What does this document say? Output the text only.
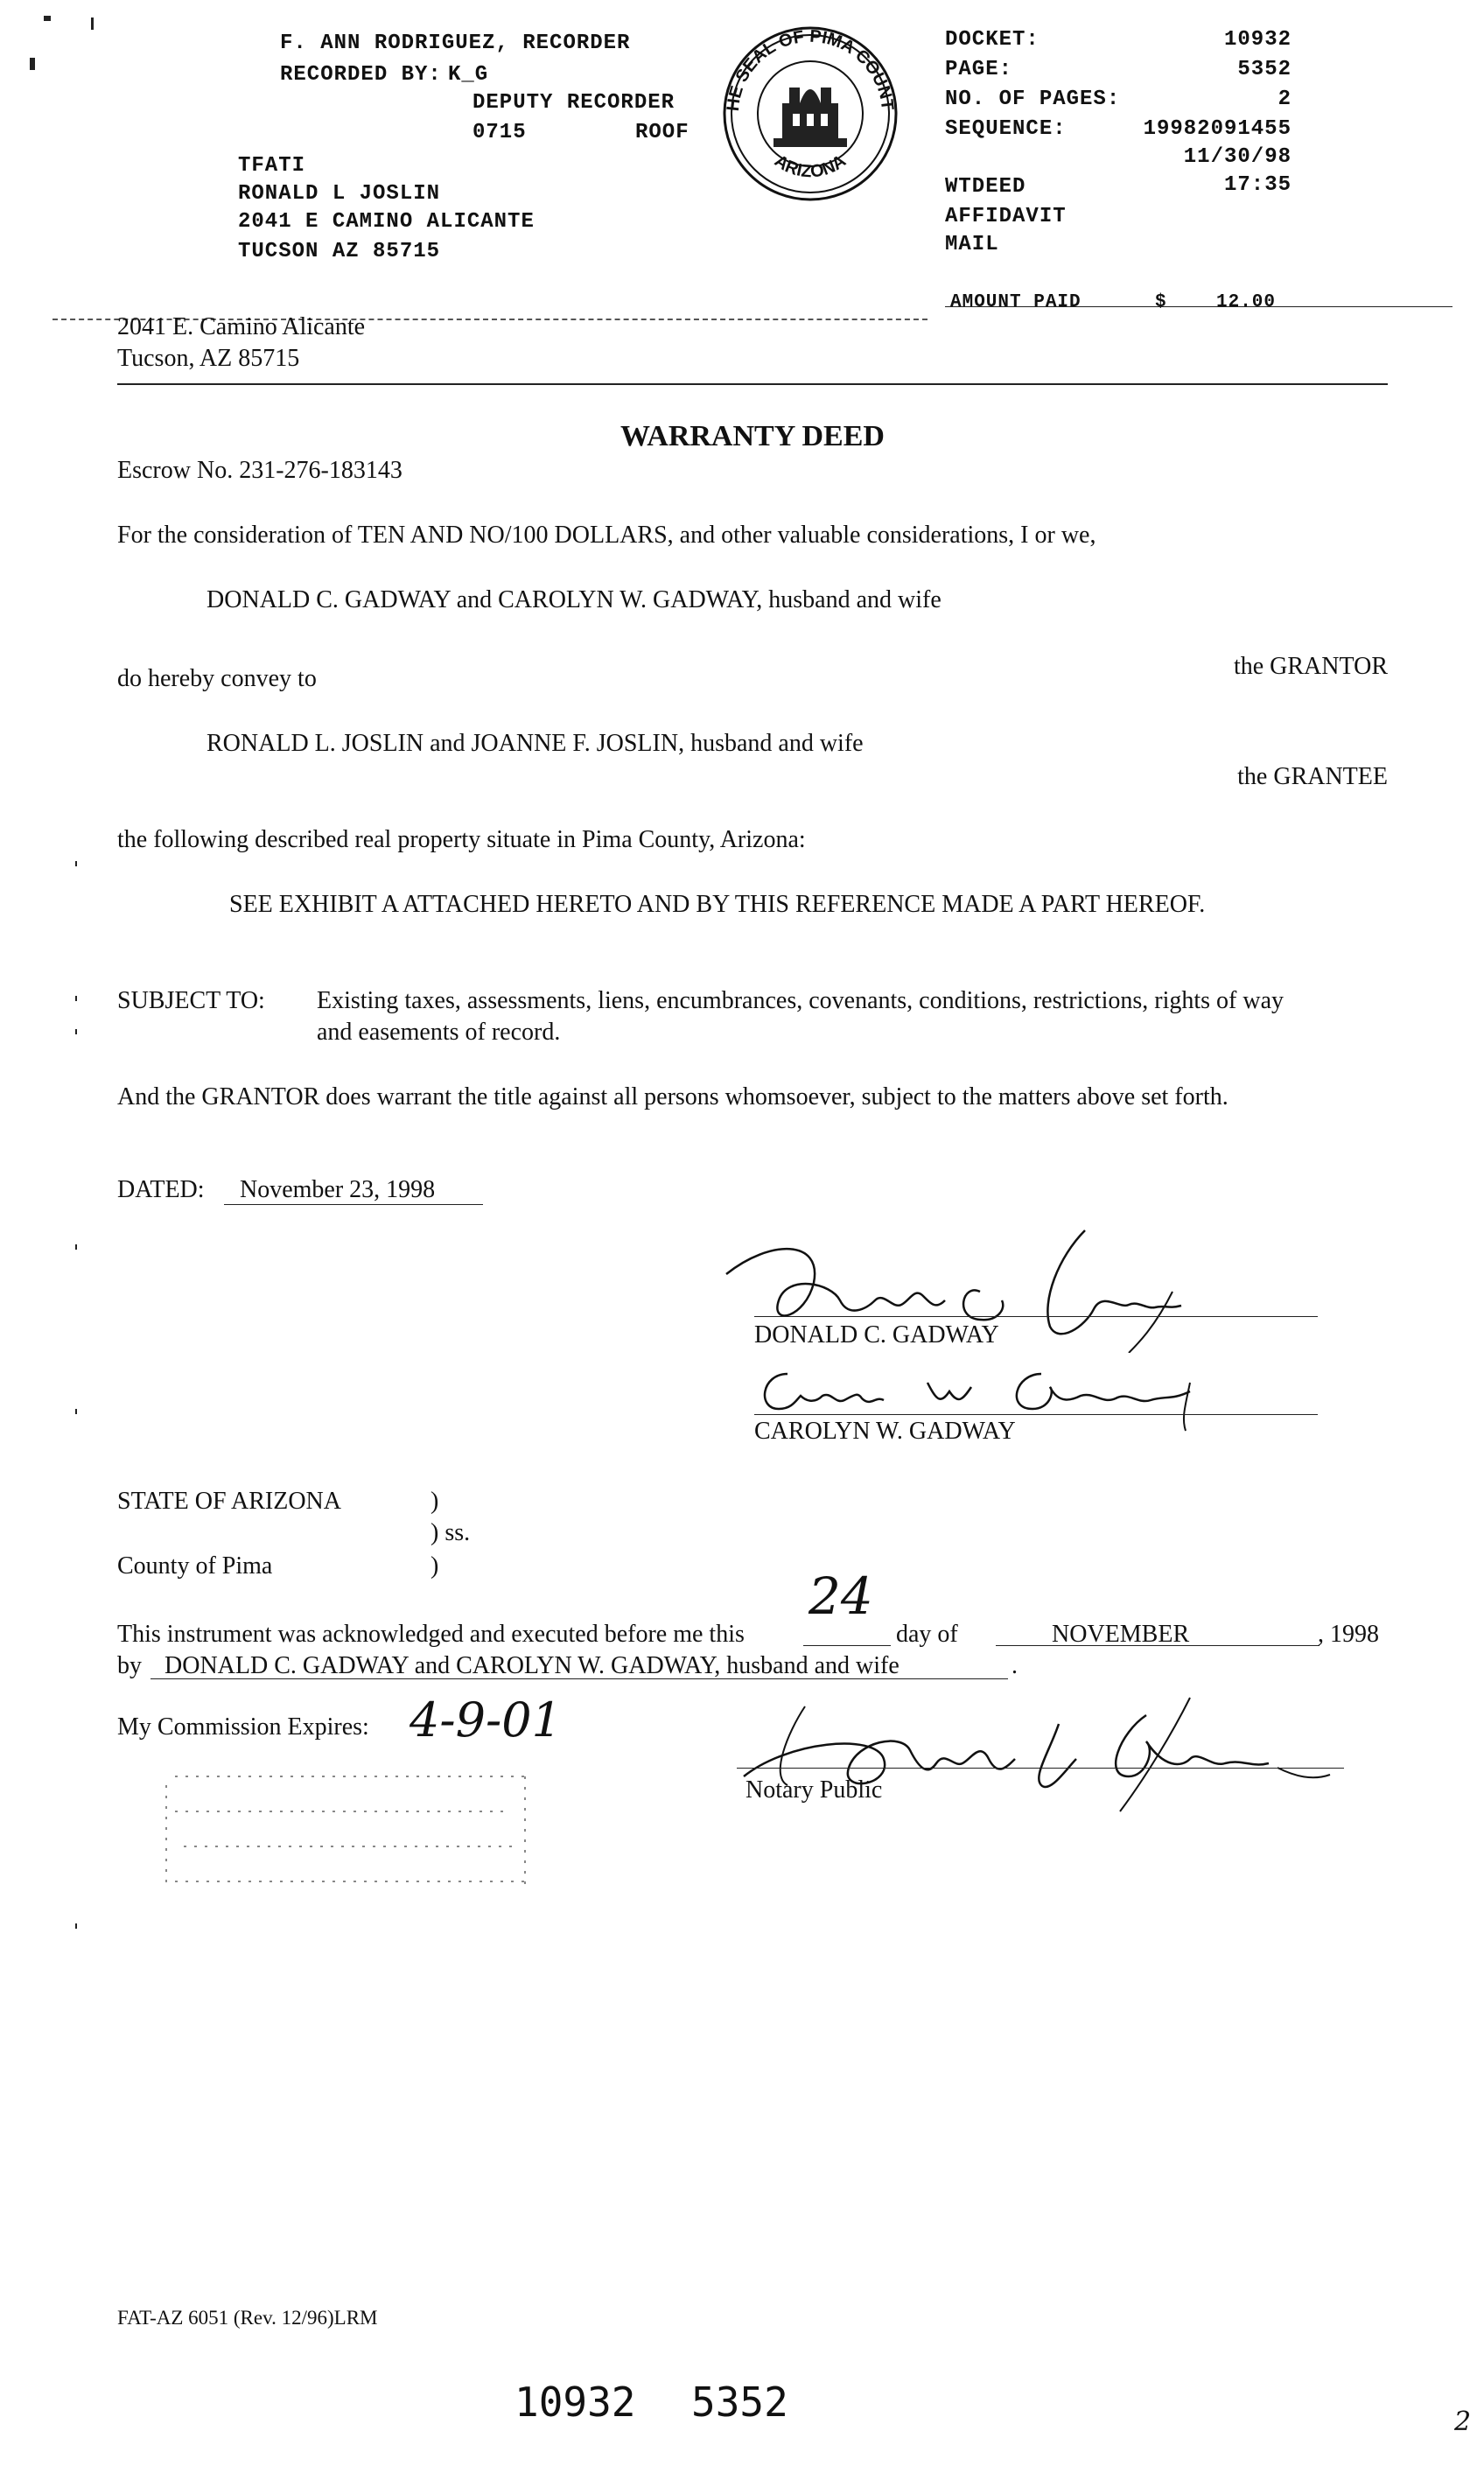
F. ANN RODRIGUEZ, RECORDER
RECORDED BY: K_G
DEPUTY RECORDER
0715	ROOF
TFATI
RONALD L JOSLIN
2041 E CAMINO ALICANTE
TUCSON AZ 85715
HE SEAL OF PIMA COUNT
ARIZONA
DOCKET:	10932
PAGE:	5352
NO. OF PAGES:	2
SEQUENCE:	19982091455
11/30/98
WTDEED	17:35
AFFIDAVIT
MAIL
AMOUNT PAID	$	12.00
2041 E. Camino Alicante
Tucson, AZ 85715
WARRANTY DEED
Escrow No. 231-276-183143
For the consideration of TEN AND NO/100 DOLLARS, and other valuable considerations, I or we,
DONALD C. GADWAY and CAROLYN W. GADWAY, husband and wife
do hereby convey to	the GRANTOR
RONALD L. JOSLIN and JOANNE F. JOSLIN, husband and wife
the GRANTEE
the following described real property situate in Pima County, Arizona:
SEE EXHIBIT A ATTACHED HERETO AND BY THIS REFERENCE MADE A PART HEREOF.
SUBJECT TO: Existing taxes, assessments, liens, encumbrances, covenants, conditions, restrictions, rights of way
and easements of record.
And the GRANTOR does warrant the title against all persons whomsoever, subject to the matters above set forth.
DATED: November 23, 1998
DONALD C. GADWAY
CAROLYN W. GADWAY
STATE OF ARIZONA	)
) ss.
County of Pima	)
This instrument was acknowledged and executed before me this
24
day of	NOVEMBER	, 1998
by DONALD C. GADWAY and CAROLYN W. GADWAY, husband and wife	.
My Commission Expires: 4-9-01
Notary Public
FAT-AZ 6051 (Rev. 12/96)LRM
10932 5352	2
